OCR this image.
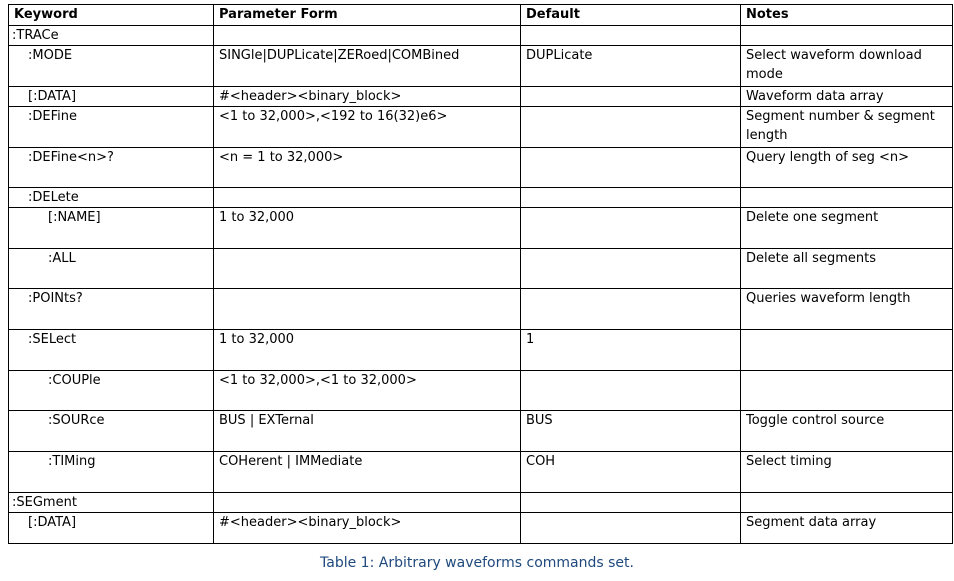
Keyword	Parameter Form	Default	Notes
:TRACe			
:MODE	SINGle|DUPLicate|ZERoed|COMBined	DUPLicate	Select waveform download mode
[:DATA]	#<header><binary_block>		Waveform data array
:DEFine	<1 to 32,000>,<192 to 16(32)e6>		Segment number & segment length
:DEFine<n>?	<n = 1 to 32,000>		Query length of seg <n>
:DELete			
[:NAME]	1 to 32,000		Delete one segment
:ALL			Delete all segments
:POINts?			Queries waveform length
:SELect	1 to 32,000	1	
:COUPle	<1 to 32,000>,<1 to 32,000>		
:SOURce	BUS | EXTernal	BUS	Toggle control source
:TIMing	COHerent | IMMediate	COH	Select timing
:SEGment			
[:DATA]	#<header><binary_block>		Segment data array

Table 1: Arbitrary waveforms commands set.
